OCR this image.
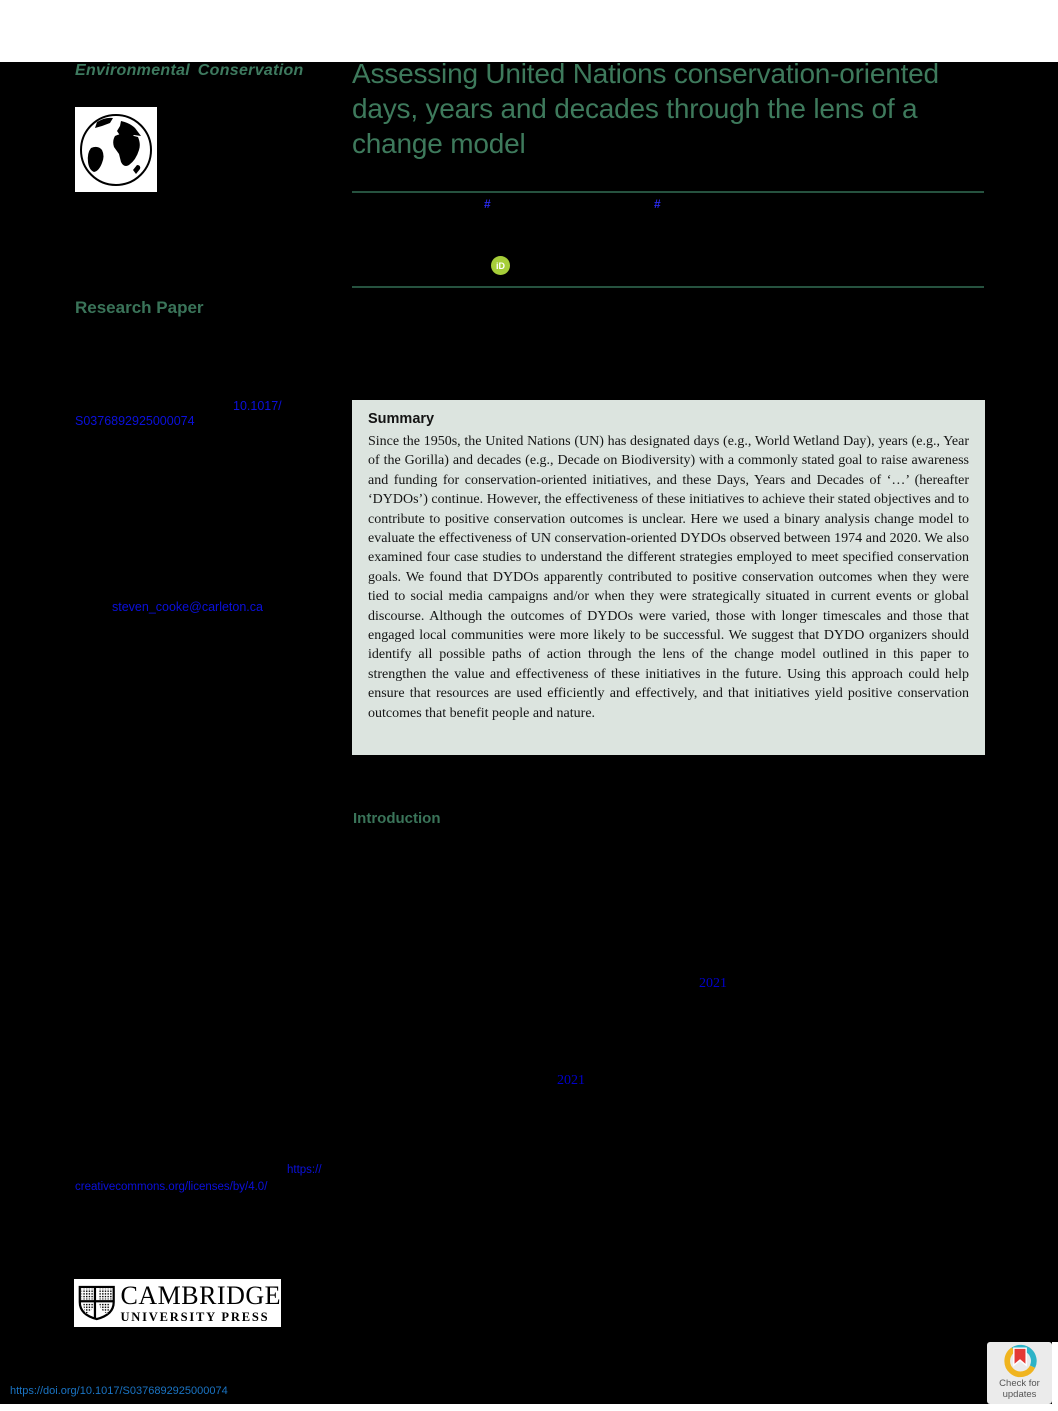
Environmental Conservation Assessing United Nations conservation-oriented
days, years and decades through the lens of a
change model
#	#
iD
Research Paper
10.1017/
S0376892925000074
steven_cooke@carleton.ca
https://
creativecommons.org/licenses/by/4.0/
Summary
Since the 1950s, the United Nations (UN) has designated days (e.g., World Wetland Day), years (e.g., Year of the Gorilla) and decades (e.g., Decade on Biodiversity) with a commonly stated goal to raise awareness and funding for conservation-oriented initiatives, and these Days, Years and Decades of ‘…’ (hereafter ‘DYDOs’) continue. However, the effectiveness of these initiatives to achieve their stated objectives and to contribute to positive conservation outcomes is unclear. Here we used a binary analysis change model to evaluate the effectiveness of UN conservation-oriented DYDOs observed between 1974 and 2020. We also examined four case studies to understand the different strategies employed to meet specified conservation goals. We found that DYDOs apparently contributed to positive conservation outcomes when they were tied to social media campaigns and/or when they were strategically situated in current events or global discourse. Although the outcomes of DYDOs were varied, those with longer timescales and those that engaged local communities were more likely to be successful. We suggest that DYDO organizers should identify all possible paths of action through the lens of the change model outlined in this paper to strengthen the value and effectiveness of these initiatives in the future. Using this approach could help ensure that resources are used efficiently and effectively, and that initiatives yield positive conservation outcomes that benefit people and nature.
Introduction
2021
2021
CAMBRIDGE
UNIVERSITY PRESS
https://doi.org/10.1017/S0376892925000074
Check for
updates
